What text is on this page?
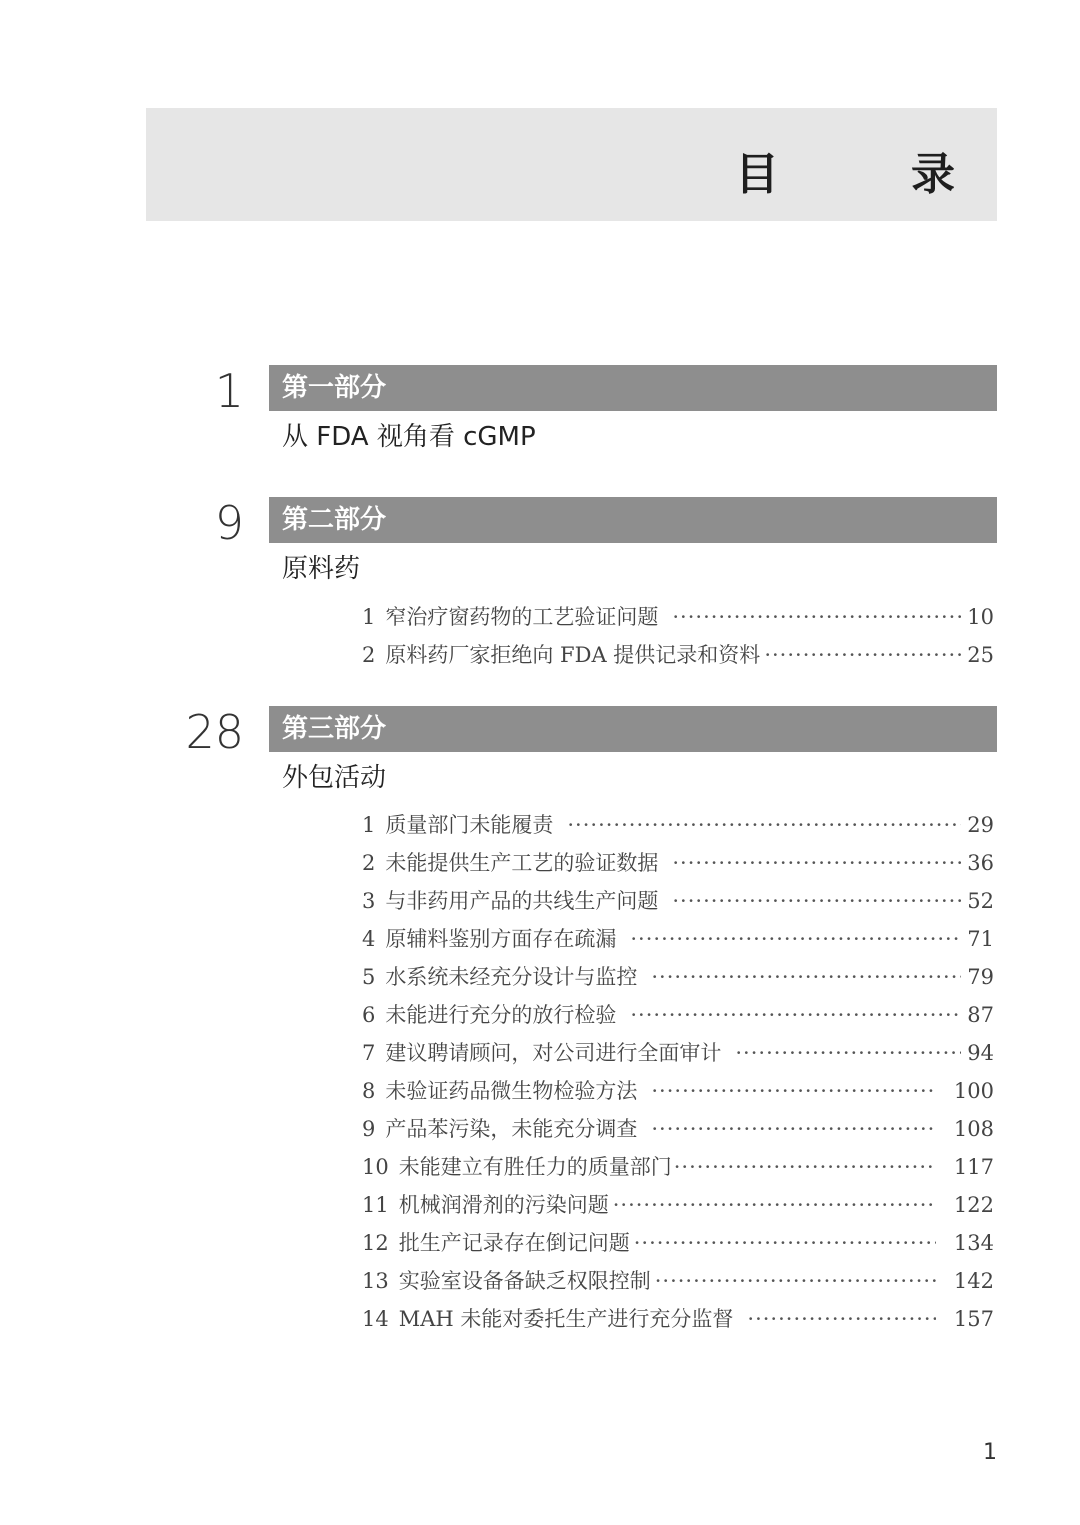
目　录
1 第一部分
从 FDA 视角看 cGMP
9 第二部分
原料药
1 窄治疗窗药物的工艺验证问题 ·····	10
2 原料药厂家拒绝向 FDA 提供记录和资料 ·····	25
28 第三部分
外包活动
1 质量部门未能履责 ·····	29
2 未能提供生产工艺的验证数据 ·····	36
3 与非药用产品的共线生产问题 ·····	52
4 原辅料鉴别方面存在疏漏 ·····	71
5 水系统未经充分设计与监控 ·····	79
6 未能进行充分的放行检验 ·····	87
7 建议聘请顾问，对公司进行全面审计 ·····	94
8 未验证药品微生物检验方法 ·····	100
9 产品苯污染，未能充分调查 ·····	108
10 未能建立有胜任力的质量部门 ·····	117
11 机械润滑剂的污染问题 ·····	122
12 批生产记录存在倒记问题 ·····	134
13 实验室设备备缺乏权限控制 ·····	142
14 MAH 未能对委托生产进行充分监督 ·····	157
1
